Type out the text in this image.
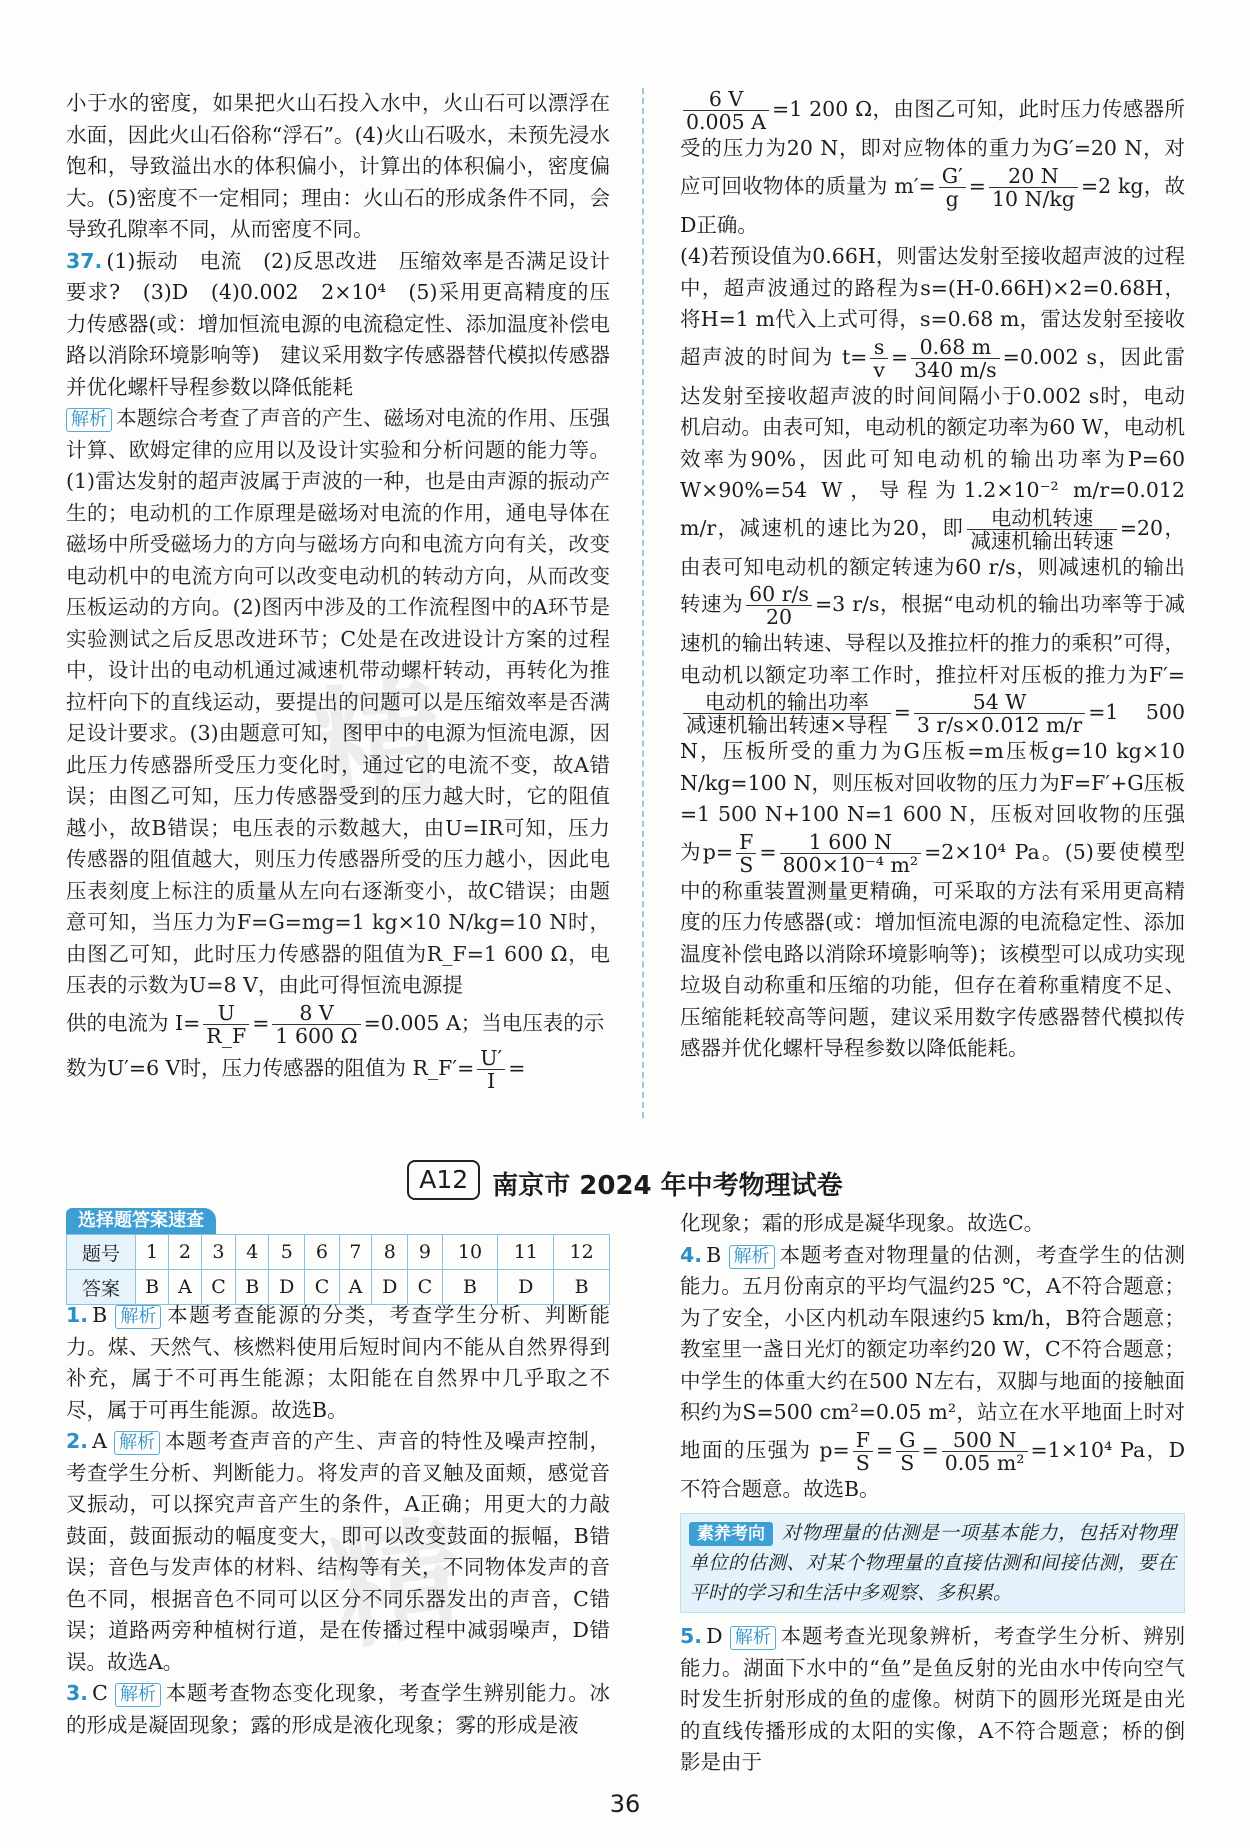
精
精

小于水的密度，如果把火山石投入水中，火山石可以漂浮在水面，因此火山石俗称“浮石”。(4)火山石吸水，未预先浸水饱和，导致溢出水的体积偏小，计算出的体积偏小，密度偏大。(5)密度不一定相同；理由：火山石的形成条件不同，会导致孔隙率不同，从而密度不同。

37. (1)振动　电流　(2)反思改进　压缩效率是否满足设计要求?　(3)D　(4)0.002　2×10⁴　(5)采用更高精度的压力传感器(或：增加恒流电源的电流稳定性、添加温度补偿电路以消除环境影响等)　建议采用数字传感器替代模拟传感器并优化螺杆导程参数以降低能耗

解析 本题综合考查了声音的产生、磁场对电流的作用、压强计算、欧姆定律的应用以及设计实验和分析问题的能力等。(1)雷达发射的超声波属于声波的一种，也是由声源的振动产生的；电动机的工作原理是磁场对电流的作用，通电导体在磁场中所受磁场力的方向与磁场方向和电流方向有关，改变电动机中的电流方向可以改变电动机的转动方向，从而改变压板运动的方向。(2)图丙中涉及的工作流程图中的A环节是实验测试之后反思改进环节；C处是在改进设计方案的过程中，设计出的电动机通过减速机带动螺杆转动，再转化为推拉杆向下的直线运动，要提出的问题可以是压缩效率是否满足设计要求。(3)由题意可知，图甲中的电源为恒流电源，因此压力传感器所受压力变化时，通过它的电流不变，故A错误；由图乙可知，压力传感器受到的压力越大时，它的阻值越小，故B错误；电压表的示数越大，由U=IR可知，压力传感器的阻值越大，则压力传感器所受的压力越小，因此电压表刻度上标注的质量从左向右逐渐变小，故C错误；由题意可知，当压力为F=G=mg=1 kg×10 N/kg=10 N时，由图乙可知，此时压力传感器的阻值为R_F=1 600 Ω，电压表的示数为U=8 V，由此可得恒流电源提

供的电流为 $I= \frac{U}{R\_F} = \frac{8 V}{1 600 \Omega} =0.005$ A；当电压表的示

数为U′=6 V时，压力传感器的阻值为 R_F′= $\frac{U'}{I}$ =

$\frac{6 V}{0.005 A} =1$ 200 Ω，由图乙可知，此时压力传感器所受的压力为20 N，即对应物体的重力为G′=20 N，对应可回收物体的质量为 $m'= \frac{G'}{g} = \frac{20 N}{10 N/kg} =2$ kg，故D正确。

(4)若预设值为0.66H，则雷达发射至接收超声波的过程中，超声波通过的路程为s=(H-0.66H)×2=0.68H，将H=1 m代入上式可得，s=0.68 m，雷达发射至接收超声波的时间为 $t= \frac{s}{v} = \frac{0.68 m}{340 m/s} =0.002$ s，因此雷达发射至接收超声波的时间间隔小于0.002 s时，电动机启动。由表可知，电动机的额定功率为60 W，电动机效率为90%，因此可知电动机的输出功率为P=60 W×90%=54 W，导程为1.2×10⁻² m/r=0.012 m/r，减速机的速比为20，即 $\frac{\text{电动机转速}}{\text{减速机输出转速}} =20$，由表可知电动机的额定转速为60 r/s，则减速机的输出转速为 $\frac{60 r/s}{20} =3$ r/s，根据“电动机的输出功率等于减速机的输出转速、导程以及推拉杆的推力的乘积”可得，电动机以额定功率工作时，推拉杆对压板的推力为F′=
$\frac{\text{电动机的输出功率}}{\text{减速机输出转速×导程}} = \frac{54 W}{3 r/s\times 0.012 m/r} =1$ 500 N，压板所受的重力为G压板=m压板g=10 kg×10 N/kg=100 N，则压板对回收物的压力为F=F′+G压板=1 500 N+100 N=1 600 N，压板对回收物的压强为$p= \frac{F}{S} = \frac{1 600 N}{\text{800×10⁻⁴ m²}} =2\times 10^4$ Pa。(5)要使模型中的称重装置测量更精确，可采取的方法有采用更高精度的压力传感器(或：增加恒流电源的电流稳定性、添加温度补偿电路以消除环境影响等)；该模型可以成功实现垃圾自动称重和压缩的功能，但存在着称重精度不足、压缩能耗较高等问题，建议采用数字传感器替代模拟传感器并优化螺杆导程参数以降低能耗。

A12 南京市 2024 年中考物理试卷
选择题答案速查
题号	1	2	3	4	5	6	7	8	9	10	11	12
答案	B	A	C	B	D	C	A	D	C	B	D	B

1. B 解析 本题考查能源的分类，考查学生分析、判断能力。煤、天然气、核燃料使用后短时间内不能从自然界得到补充，属于不可再生能源；太阳能在自然界中几乎取之不尽，属于可再生能源。故选B。

2. A 解析 本题考查声音的产生、声音的特性及噪声控制，考查学生分析、判断能力。将发声的音叉触及面颊，感觉音叉振动，可以探究声音产生的条件，A正确；用更大的力敲鼓面，鼓面振动的幅度变大，即可以改变鼓面的振幅，B错误；音色与发声体的材料、结构等有关，不同物体发声的音色不同，根据音色不同可以区分不同乐器发出的声音，C错误；道路两旁种植树行道，是在传播过程中减弱噪声，D错误。故选A。

3. C 解析 本题考查物态变化现象，考查学生辨别能力。冰的形成是凝固现象；露的形成是液化现象；雾的形成是液

化现象；霜的形成是凝华现象。故选C。

4. B 解析 本题考查对物理量的估测，考查学生的估测能力。五月份南京的平均气温约25 ℃，A不符合题意；为了安全，小区内机动车限速约5 km/h，B符合题意；教室里一盏日光灯的额定功率约20 W，C不符合题意；中学生的体重大约在500 N左右，双脚与地面的接触面积约为S=500 cm²=0.05 m²，站立在水平地面上时对地面的压强为 $p= \frac{F}{S} = \frac{G}{S} = \frac{500 N}{\text{0.05 m²}} =1\times 10^4$ Pa，D不符合题意。故选B。

素养考向 对物理量的估测是一项基本能力，包括对物理单位的估测、对某个物理量的直接估测和间接估测，要在平时的学习和生活中多观察、多积累。

5. D 解析 本题考查光现象辨析，考查学生分析、辨别能力。湖面下水中的“鱼”是鱼反射的光由水中传向空气时发生折射形成的鱼的虚像。树荫下的圆形光斑是由光的直线传播形成的太阳的实像，A不符合题意；桥的倒影是由于

36
